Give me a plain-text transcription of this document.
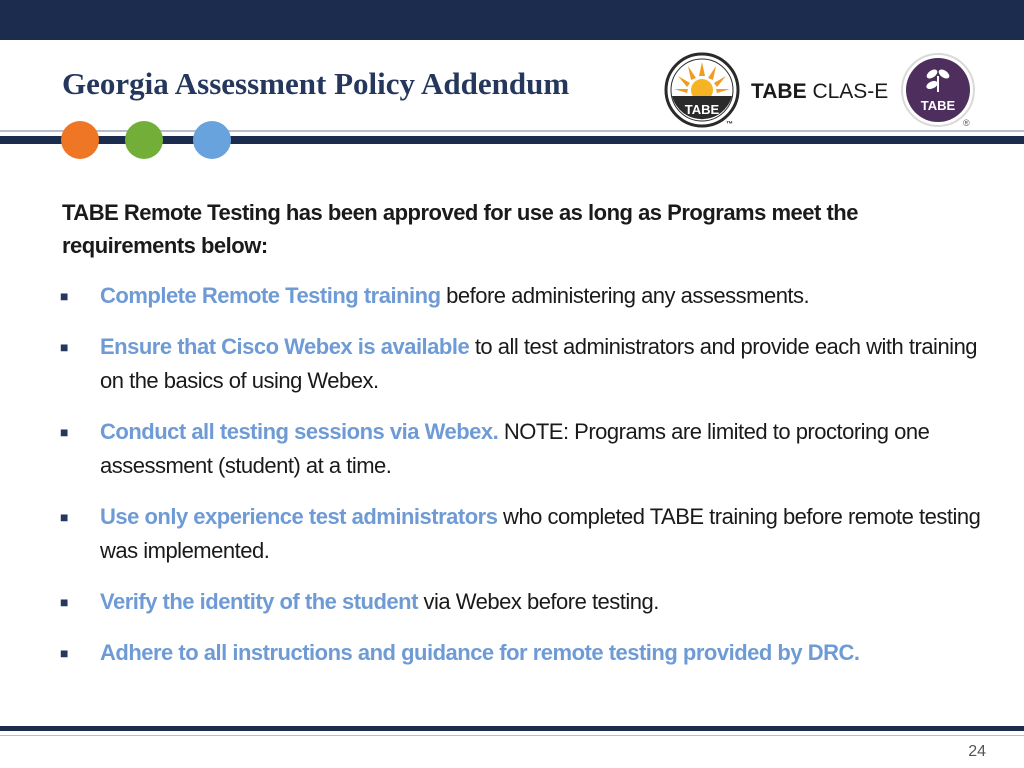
Georgia Assessment Policy Addendum
TABE
™
TABE CLAS-E
TABE
®

TABE Remote Testing has been approved for use as long as Programs meet the requirements below:

■ Complete Remote Testing training before administering any assessments.
■ Ensure that Cisco Webex is available to all test administrators and provide each with training on the basics of using Webex.
■ Conduct all testing sessions via Webex. NOTE: Programs are limited to proctoring one assessment (student) at a time.
■ Use only experience test administrators who completed TABE training before remote testing was implemented.
■ Verify the identity of the student via Webex before testing.
■ Adhere to all instructions and guidance for remote testing provided by DRC.
24
